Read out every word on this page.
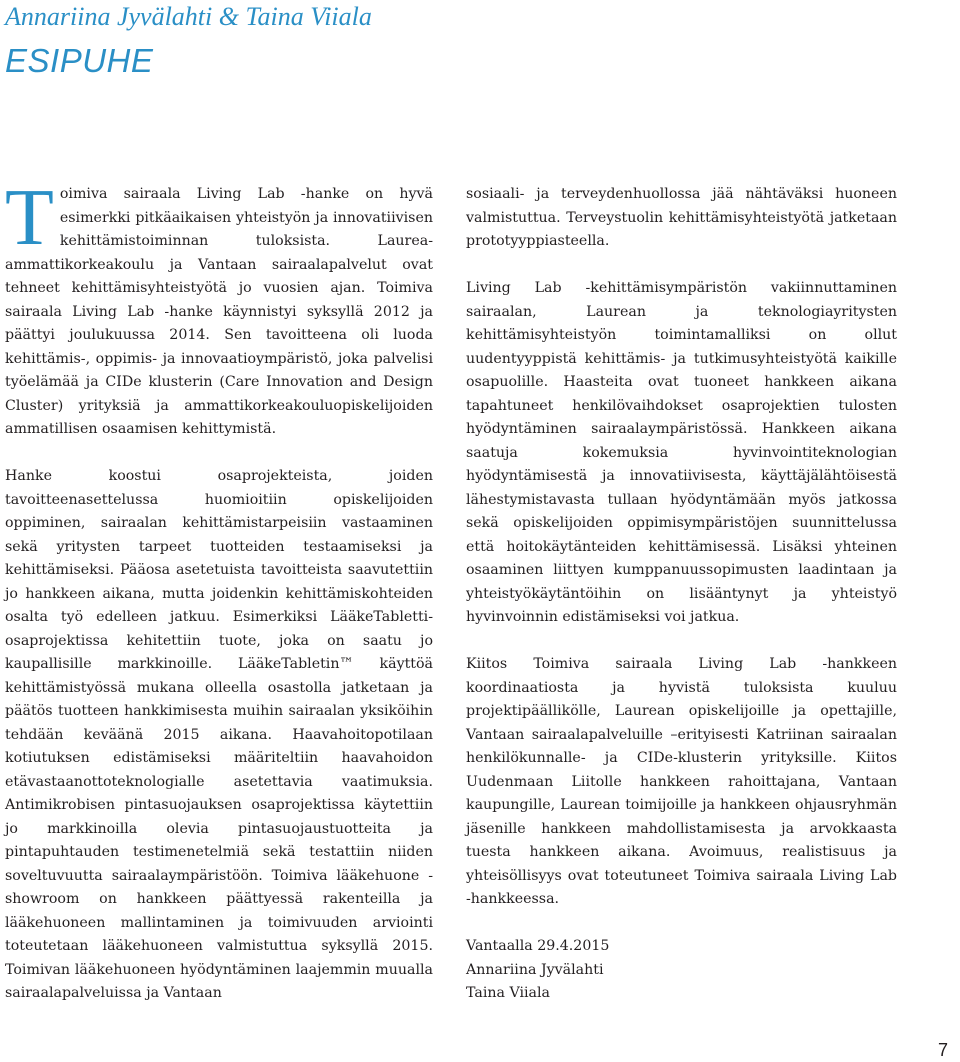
Annariina Jyvälahti & Taina Viiala
ESIPUHE

Toimiva sairaala Living Lab -hanke on hyvä esimerkki pitkäaikaisen yhteistyön ja innovatiivisen kehittämistoiminnan tuloksista. Laurea-ammattikorkeakoulu ja Vantaan sairaalapalvelut ovat tehneet kehittämisyhteistyötä jo vuosien ajan. Toimiva sairaala Living Lab -hanke käynnistyi syksyllä 2012 ja päättyi joulukuussa 2014. Sen tavoitteena oli luoda kehittämis-, oppimis- ja innovaatioympäristö, joka palvelisi työelämää ja CIDe klusterin (Care Innovation and Design Cluster) yrityksiä ja ammattikorkeakouluopiskelijoiden ammatillisen osaamisen kehittymistä.

Hanke koostui osaprojekteista, joiden tavoitteenasettelussa huomioitiin opiskelijoiden oppiminen, sairaalan kehittämistarpeisiin vastaaminen sekä yritysten tarpeet tuotteiden testaamiseksi ja kehittämiseksi. Pääosa asetetuista tavoitteista saavutettiin jo hankkeen aikana, mutta joidenkin kehittämiskohteiden osalta työ edelleen jatkuu. Esimerkiksi LääkeTabletti-osaprojektissa kehitettiin tuote, joka on saatu jo kaupallisille markkinoille. LääkeTabletin™ käyttöä kehittämistyössä mukana olleella osastolla jatketaan ja päätös tuotteen hankkimisesta muihin sairaalan yksiköihin tehdään keväänä 2015 aikana. Haavahoitopotilaan kotiutuksen edistämiseksi määriteltiin haavahoidon etävastaanottoteknologialle asetettavia vaatimuksia. Antimikrobisen pintasuojauksen osaprojektissa käytettiin jo markkinoilla olevia pintasuojaustuotteita ja pintapuhtauden testimenetelmiä sekä testattiin niiden soveltuvuutta sairaalaympäristöön. Toimiva lääkehuone -showroom on hankkeen päättyessä rakenteilla ja lääkehuoneen mallintaminen ja toimivuuden arviointi toteutetaan lääkehuoneen valmistuttua syksyllä 2015. Toimivan lääkehuoneen hyödyntäminen laajemmin muualla sairaalapalveluissa ja Vantaan

sosiaali- ja terveydenhuollossa jää nähtäväksi huoneen valmistuttua. Terveystuolin kehittämisyhteistyötä jatketaan prototyyppiasteella.

Living Lab -kehittämisympäristön vakiinnuttaminen sairaalan, Laurean ja teknologiayritysten kehittämisyhteistyön toimintamalliksi on ollut uudentyyppistä kehittämis- ja tutkimusyhteistyötä kaikille osapuolille. Haasteita ovat tuoneet hankkeen aikana tapahtuneet henkilövaihdokset osaprojektien tulosten hyödyntäminen sairaalaympäristössä. Hankkeen aikana saatuja kokemuksia hyvinvointiteknologian hyödyntämisestä ja innovatiivisesta, käyttäjälähtöisestä lähestymistavasta tullaan hyödyntämään myös jatkossa sekä opiskelijoiden oppimisympäristöjen suunnittelussa että hoitokäytänteiden kehittämisessä. Lisäksi yhteinen osaaminen liittyen kumppanuussopimusten laadintaan ja yhteistyökäytäntöihin on lisääntynyt ja yhteistyö hyvinvoinnin edistämiseksi voi jatkua.

Kiitos Toimiva sairaala Living Lab -hankkeen koordinaatiosta ja hyvistä tuloksista kuuluu projektipäällikölle, Laurean opiskelijoille ja opettajille, Vantaan sairaalapalveluille –erityisesti Katriinan sairaalan henkilökunnalle- ja CIDe-klusterin yrityksille. Kiitos Uudenmaan Liitolle hankkeen rahoittajana, Vantaan kaupungille, Laurean toimijoille ja hankkeen ohjausryhmän jäsenille hankkeen mahdollistamisesta ja arvokkaasta tuesta hankkeen aikana. Avoimuus, realistisuus ja yhteisöllisyys ovat toteutuneet Toimiva sairaala Living Lab -hankkeessa.

Vantaalla 29.4.2015

Annariina Jyvälahti

Taina Viiala

7
